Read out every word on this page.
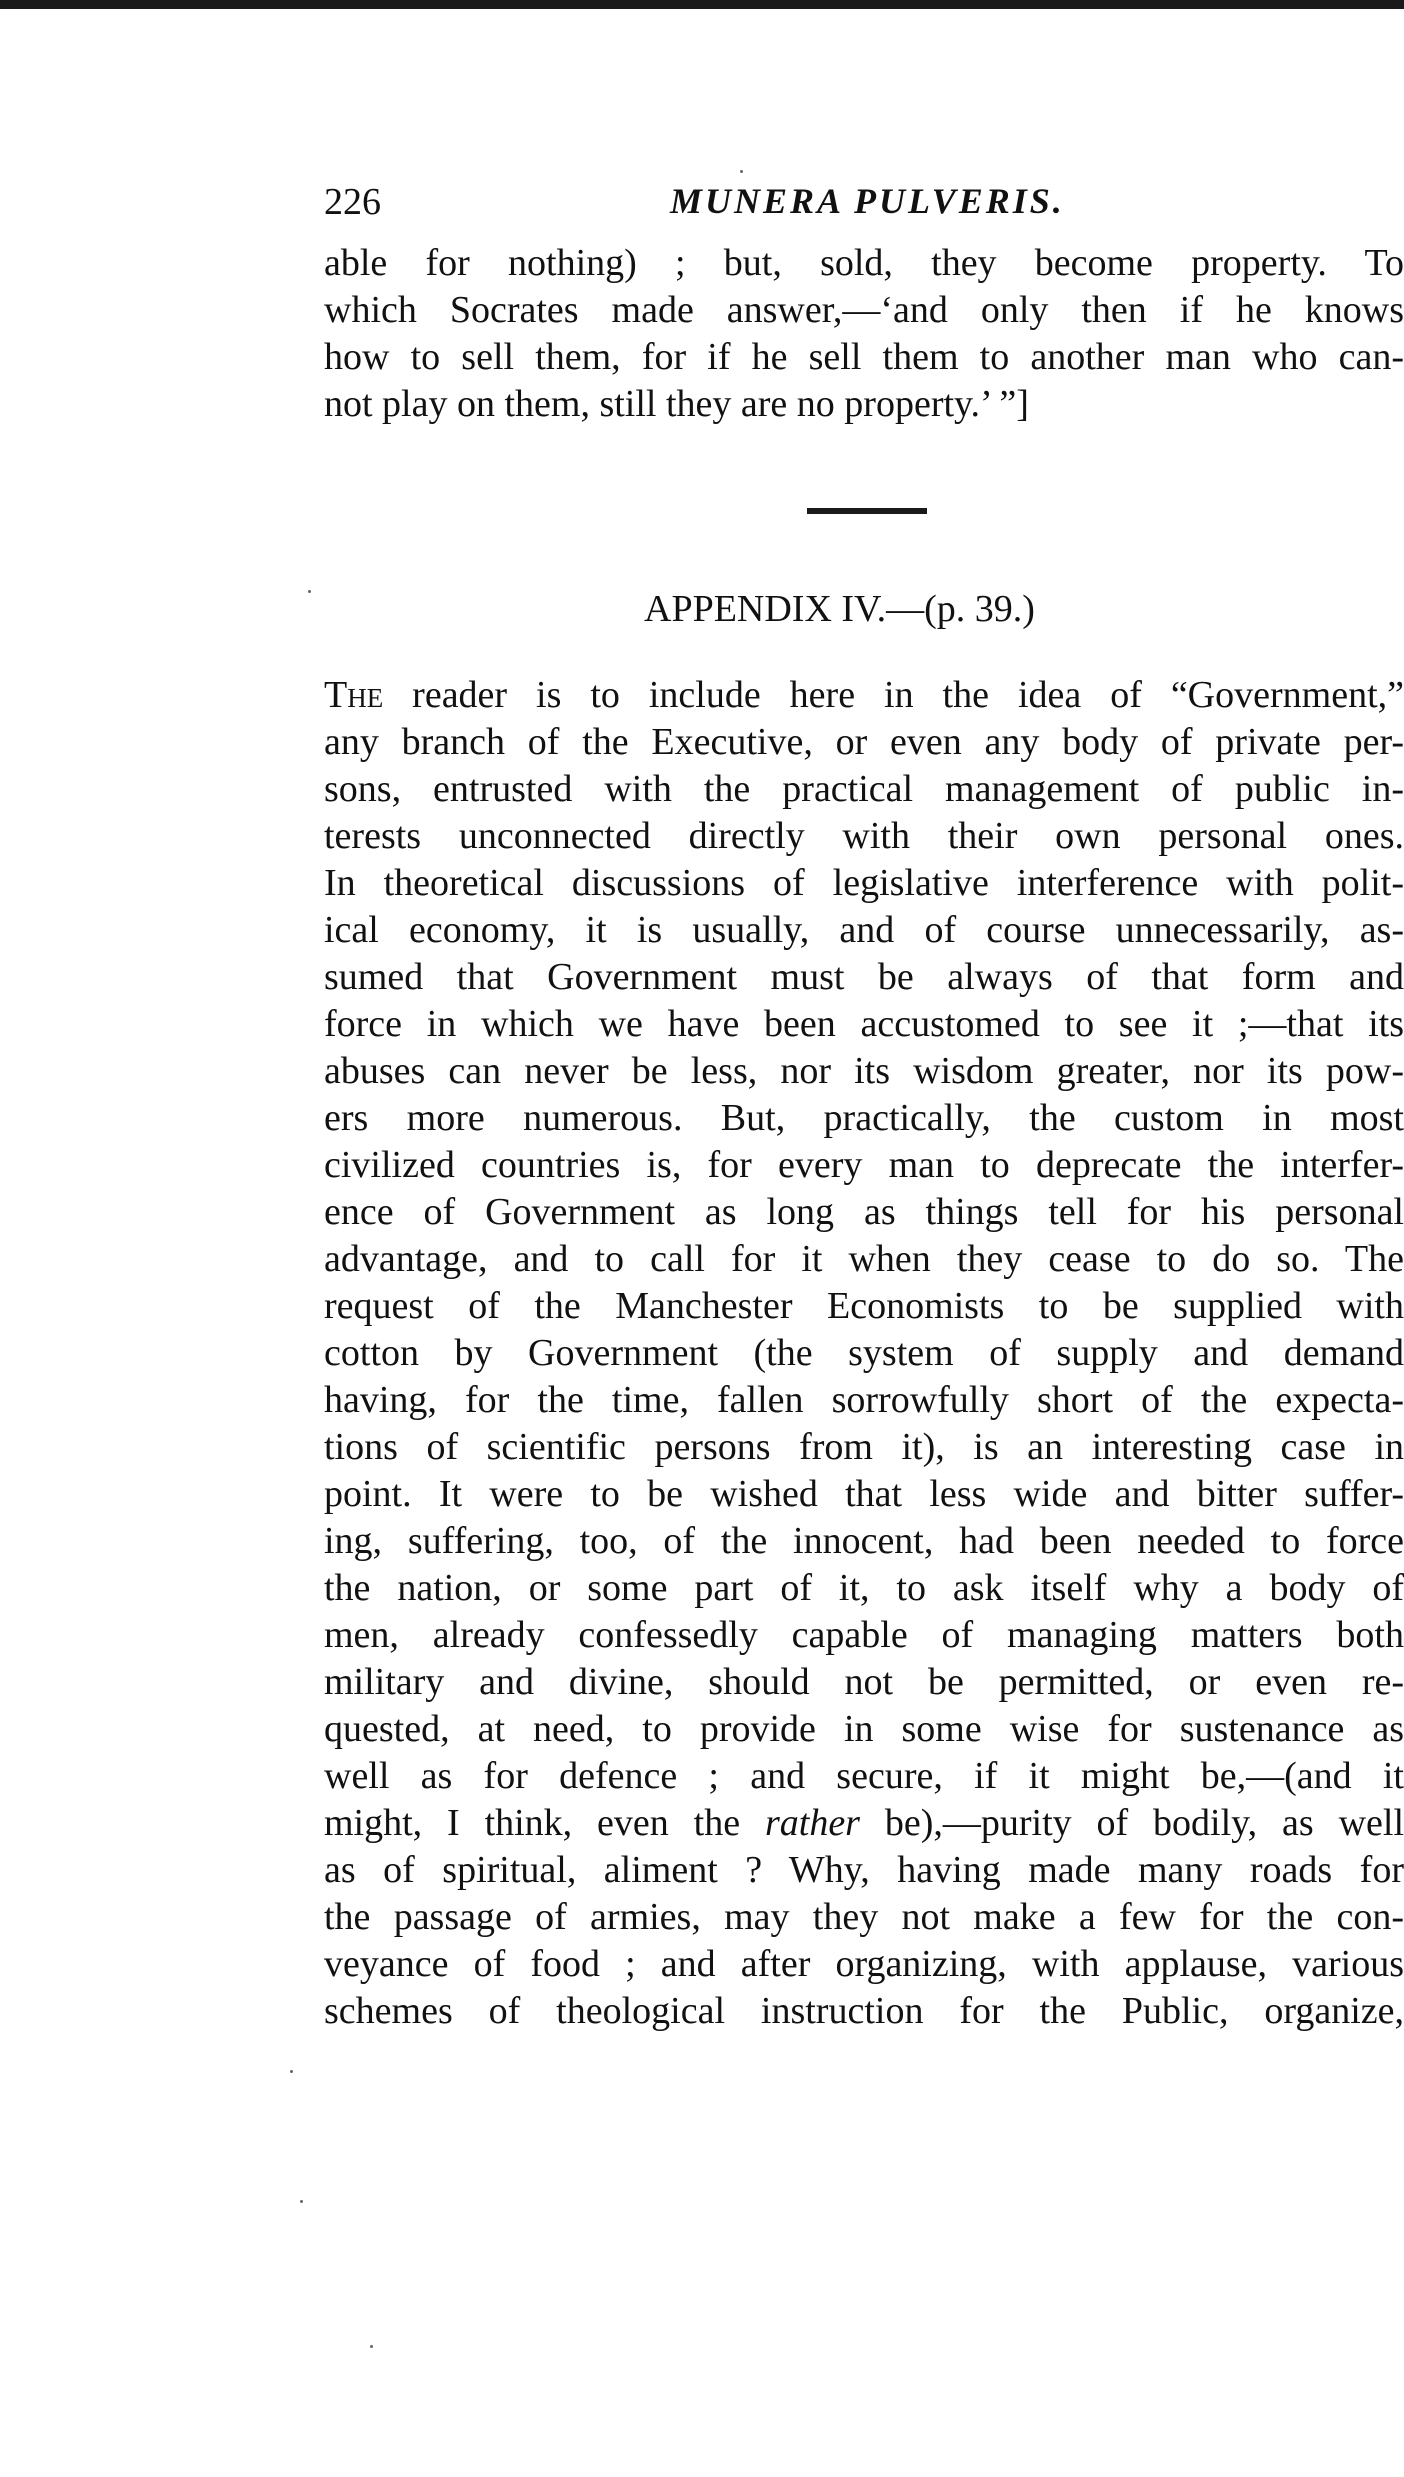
226	MUNERA PULVERIS.
able for nothing) ; but, sold, they become property. To
which Socrates made answer,—‘and only then if he knows
how to sell them, for if he sell them to another man who can-
not play on them, still they are no property.’ ”]
APPENDIX IV.—(p. 39.)
The reader is to include here in the idea of “Government,”
any branch of the Executive, or even any body of private per-
sons, entrusted with the practical management of public in-
terests unconnected directly with their own personal ones.
In theoretical discussions of legislative interference with polit-
ical economy, it is usually, and of course unnecessarily, as-
sumed that Government must be always of that form and
force in which we have been accustomed to see it ;—that its
abuses can never be less, nor its wisdom greater, nor its pow-
ers more numerous. But, practically, the custom in most
civilized countries is, for every man to deprecate the interfer-
ence of Government as long as things tell for his personal
advantage, and to call for it when they cease to do so. The
request of the Manchester Economists to be supplied with
cotton by Government (the system of supply and demand
having, for the time, fallen sorrowfully short of the expecta-
tions of scientific persons from it), is an interesting case in
point. It were to be wished that less wide and bitter suffer-
ing, suffering, too, of the innocent, had been needed to force
the nation, or some part of it, to ask itself why a body of
men, already confessedly capable of managing matters both
military and divine, should not be permitted, or even re-
quested, at need, to provide in some wise for sustenance as
well as for defence ; and secure, if it might be,—(and it
might, I think, even the rather be),—purity of bodily, as well
as of spiritual, aliment ? Why, having made many roads for
the passage of armies, may they not make a few for the con-
veyance of food ; and after organizing, with applause, various
schemes of theological instruction for the Public, organize,
